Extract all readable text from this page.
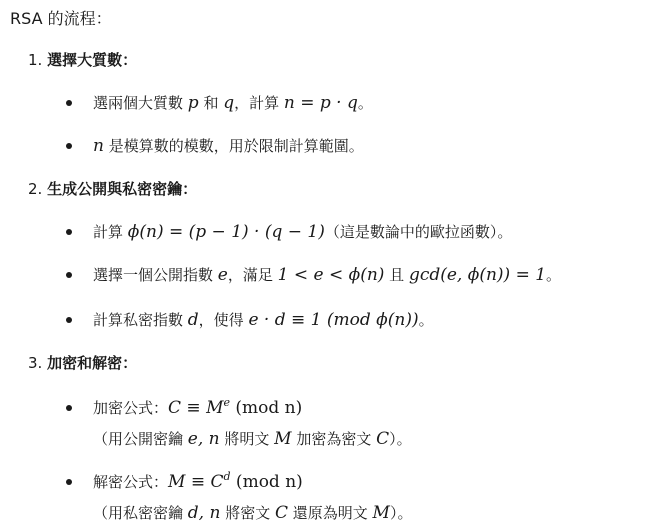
RSA 的流程：
1. 選擇大質數：
選兩個大質數 p 和 q，計算 n = p · q。
n 是模算數的模數，用於限制計算範圍。
2. 生成公開與私密密鑰：
計算 ϕ(n) = (p − 1) · (q − 1)（這是數論中的歐拉函數）。
選擇一個公開指數 e，滿足 1 < e < ϕ(n) 且 gcd(e, ϕ(n)) = 1。
計算私密指數 d，使得 e · d ≡ 1 (mod ϕ(n))。
3. 加密和解密：
加密公式：$C \equiv M^e$ (mod n)
（用公開密鑰 e, n 將明文 M 加密為密文 C）。
解密公式：$M \equiv C^d$ (mod n)
（用私密密鑰 d, n 將密文 C 還原為明文 M）。
